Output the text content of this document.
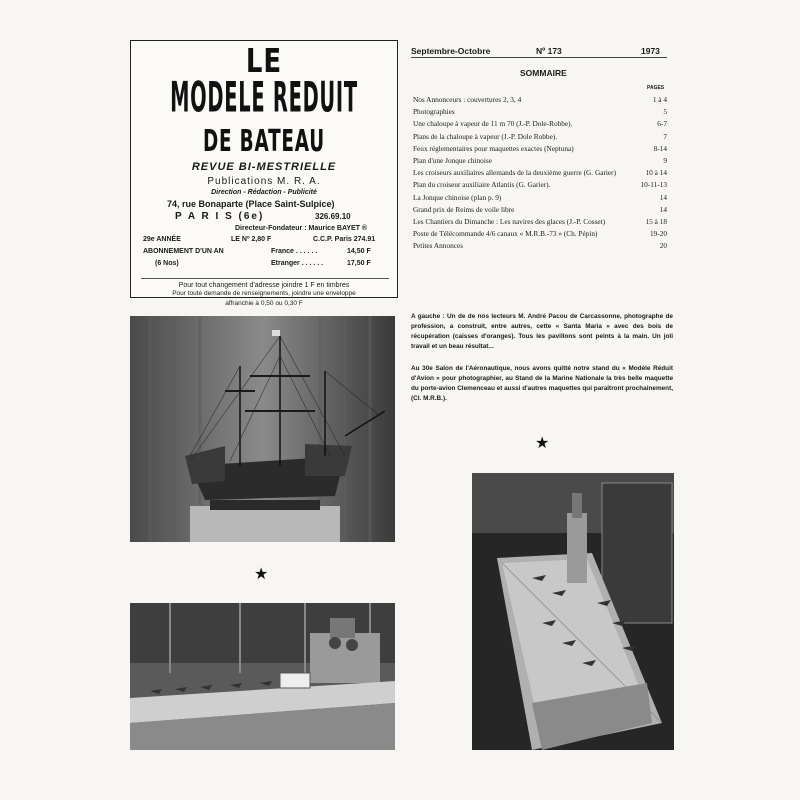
LE
MODELE REDUIT
DE BATEAU
REVUE BI-MESTRIELLE
Publications M. R. A.
Direction - Rédaction - Publicité
74, rue Bonaparte (Place Saint-Sulpice)
P A R I S (6e)	326.69.10
Directeur-Fondateur : Maurice BAYET ®
29e ANNÉE	LE Nº 2,80 F	C.C.P. Paris 274.91
ABONNEMENT D'UN AN	France . . . . . .	14,50 F
(6 Nos)	Etranger . . . . . .	17,50 F
Pour tout changement d'adresse joindre 1 F en timbres
Pour toute demande de renseignements, joindre une enveloppe
affranchie à 0,50 ou 0,30 F
Septembre-Octobre	Nº 173	1973
SOMMAIRE
PAGES
Nos Annonceurs : couvertures 2, 3, 4	1 à 4
Photographies	5
Une chaloupe à vapeur de 11 m 70 (J.-P. Dole-Robbe).	6-7
Plans de la chaloupe à vapeur (J.-P. Dole Robbe).	7
Feux réglementaires pour maquettes exactes (Neptuna)	8-14
Plan d'une Jonque chinoise	9
Les croiseurs auxiliaires allemands de la deuxième guerre (G. Garier)	10 à 14
Plan du croiseur auxiliaire Atlantis (G. Garier).	10-11-13
La Jonque chinoise (plan p. 9)	14
Grand prix de Reims de voile libre	14
Les Chantiers du Dimanche : Les navires des glaces (J.-P. Cosset)	15 à 18
Poste de Télécommande 4/6 canaux « M.R.B.-73 » (Ch. Pépin)	19-20
Petites Annonces	20
A gauche : Un de de nos lecteurs M. André Pacou de Carcassonne, photographe de profession, a construit, entre autres, cette « Santa Maria » avec des bois de récupération (caisses d'oranges). Tous les pavillons sont peints à la main. Un joli travail et un beau résultat...
Au 30e Salon de l'Aéronautique, nous avons quitté notre stand du « Modèle Réduit d'Avion » pour photographier, au Stand de la Marine Nationale la très belle maquette du porte-avion Clemenceau et aussi d'autres maquettes qui paraîtront prochainement, (Cl. M.R.B.).
★
★
